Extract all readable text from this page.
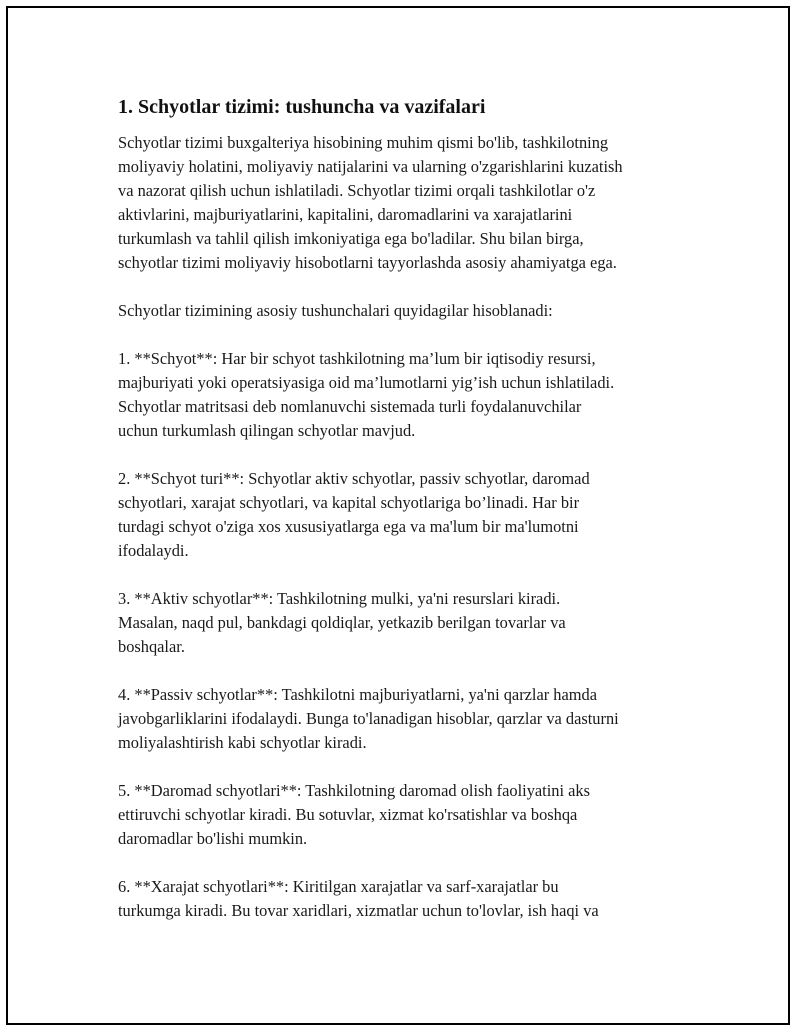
1. Schyotlar tizimi: tushuncha va vazifalari
Schyotlar tizimi buxgalteriya hisobining muhim qismi bo'lib, tashkilotning
moliyaviy holatini, moliyaviy natijalarini va ularning o'zgarishlarini kuzatish
va nazorat qilish uchun ishlatiladi. Schyotlar tizimi orqali tashkilotlar o'z
aktivlarini, majburiyatlarini, kapitalini, daromadlarini va xarajatlarini
turkumlash va tahlil qilish imkoniyatiga ega bo'ladilar. Shu bilan birga,
schyotlar tizimi moliyaviy hisobotlarni tayyorlashda asosiy ahamiyatga ega.
Schyotlar tizimining asosiy tushunchalari quyidagilar hisoblanadi:
1. **Schyot**: Har bir schyot tashkilotning ma’lum bir iqtisodiy resursi,
majburiyati yoki operatsiyasiga oid ma’lumotlarni yig’ish uchun ishlatiladi.
Schyotlar matritsasi deb nomlanuvchi sistemada turli foydalanuvchilar
uchun turkumlash qilingan schyotlar mavjud.
2. **Schyot turi**: Schyotlar aktiv schyotlar, passiv schyotlar, daromad
schyotlari, xarajat schyotlari, va kapital schyotlariga bo’linadi. Har bir
turdagi schyot o'ziga xos xususiyatlarga ega va ma'lum bir ma'lumotni
ifodalaydi.
3. **Aktiv schyotlar**: Tashkilotning mulki, ya'ni resurslari kiradi.
Masalan, naqd pul, bankdagi qoldiqlar, yetkazib berilgan tovarlar va
boshqalar.
4. **Passiv schyotlar**: Tashkilotni majburiyatlarni, ya'ni qarzlar hamda
javobgarliklarini ifodalaydi. Bunga to'lanadigan hisoblar, qarzlar va dasturni
moliyalashtirish kabi schyotlar kiradi.
5. **Daromad schyotlari**: Tashkilotning daromad olish faoliyatini aks
ettiruvchi schyotlar kiradi. Bu sotuvlar, xizmat ko'rsatishlar va boshqa
daromadlar bo'lishi mumkin.
6. **Xarajat schyotlari**: Kiritilgan xarajatlar va sarf-xarajatlar bu
turkumga kiradi. Bu tovar xaridlari, xizmatlar uchun to'lovlar, ish haqi va
